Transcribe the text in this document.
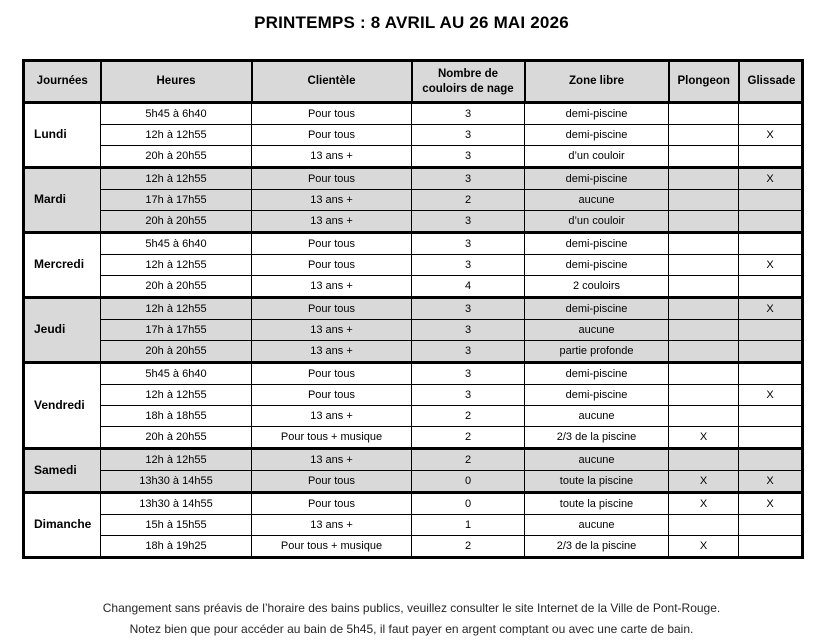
PRINTEMPS : 8 AVRIL AU 26 MAI 2026
Journées	Heures	Clientèle	Nombre de couloirs de nage	Zone libre	Plongeon	Glissade
Lundi	5h45 à 6h40	Pour tous	3	demi-piscine		
	12h à 12h55	Pour tous	3	demi-piscine		X
	20h à 20h55	13 ans +	3	d’un couloir		
Mardi	12h à 12h55	Pour tous	3	demi-piscine		X
	17h à 17h55	13 ans +	2	aucune		
	20h à 20h55	13 ans +	3	d’un couloir		
Mercredi	5h45 à 6h40	Pour tous	3	demi-piscine		
	12h à 12h55	Pour tous	3	demi-piscine		X
	20h à 20h55	13 ans +	4	2 couloirs		
Jeudi	12h à 12h55	Pour tous	3	demi-piscine		X
	17h à 17h55	13 ans +	3	aucune		
	20h à 20h55	13 ans +	3	partie profonde		
Vendredi	5h45 à 6h40	Pour tous	3	demi-piscine		
	12h à 12h55	Pour tous	3	demi-piscine		X
	18h à 18h55	13 ans +	2	aucune		
	20h à 20h55	Pour tous + musique	2	2/3 de la piscine	X	
Samedi	12h à 12h55	13 ans +	2	aucune		
	13h30 à 14h55	Pour tous	0	toute la piscine	X	X
Dimanche	13h30 à 14h55	Pour tous	0	toute la piscine	X	X
	15h à 15h55	13 ans +	1	aucune		
	18h à 19h25	Pour tous + musique	2	2/3 de la piscine	X	
Changement sans préavis de l’horaire des bains publics, veuillez consulter le site Internet de la Ville de Pont-Rouge.
Notez bien que pour accéder au bain de 5h45, il faut payer en argent comptant ou avec une carte de bain.
